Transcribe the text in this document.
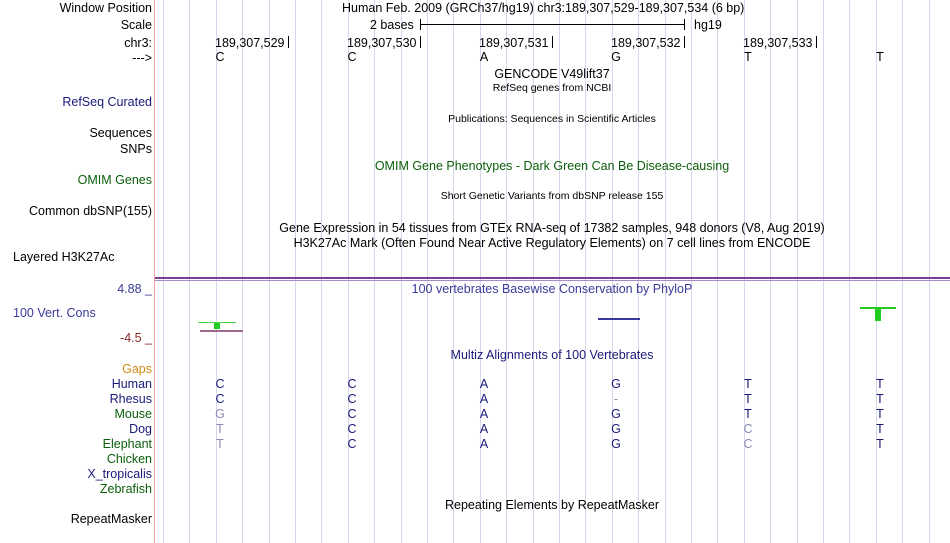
Window Position	Human Feb. 2009 (GRCh37/hg19) chr3:189,307,529-189,307,534 (6 bp)
Scale	2 bases	hg19
chr3:	189,307,529	189,307,530	189,307,531	189,307,532	189,307,533
--->	C	C	A	G	T	T
GENCODE V49lift37
RefSeq genes from NCBI
RefSeq Curated
Publications: Sequences in Scientific Articles
Sequences
SNPs
OMIM Gene Phenotypes - Dark Green Can Be Disease-causing
OMIM Genes
Short Genetic Variants from dbSNP release 155
Common dbSNP(155)
Gene Expression in 54 tissues from GTEx RNA-seq of 17382 samples, 948 donors (V8, Aug 2019)
H3K27Ac Mark (Often Found Near Active Regulatory Elements) on 7 cell lines from ENCODE
Layered H3K27Ac
4.88 _	100 vertebrates Basewise Conservation by PhyloP
100 Vert. Cons
-4.5 _
Multiz Alignments of 100 Vertebrates
Gaps
Human	C	C	A	G	T	T
Rhesus	C	C	A	-	T	T
Mouse	G	C	A	G	T	T
Dog	T	C	A	G	C	T
Elephant	T	C	A	G	C	T
Chicken
X_tropicalis
Zebrafish
Repeating Elements by RepeatMasker
RepeatMasker
